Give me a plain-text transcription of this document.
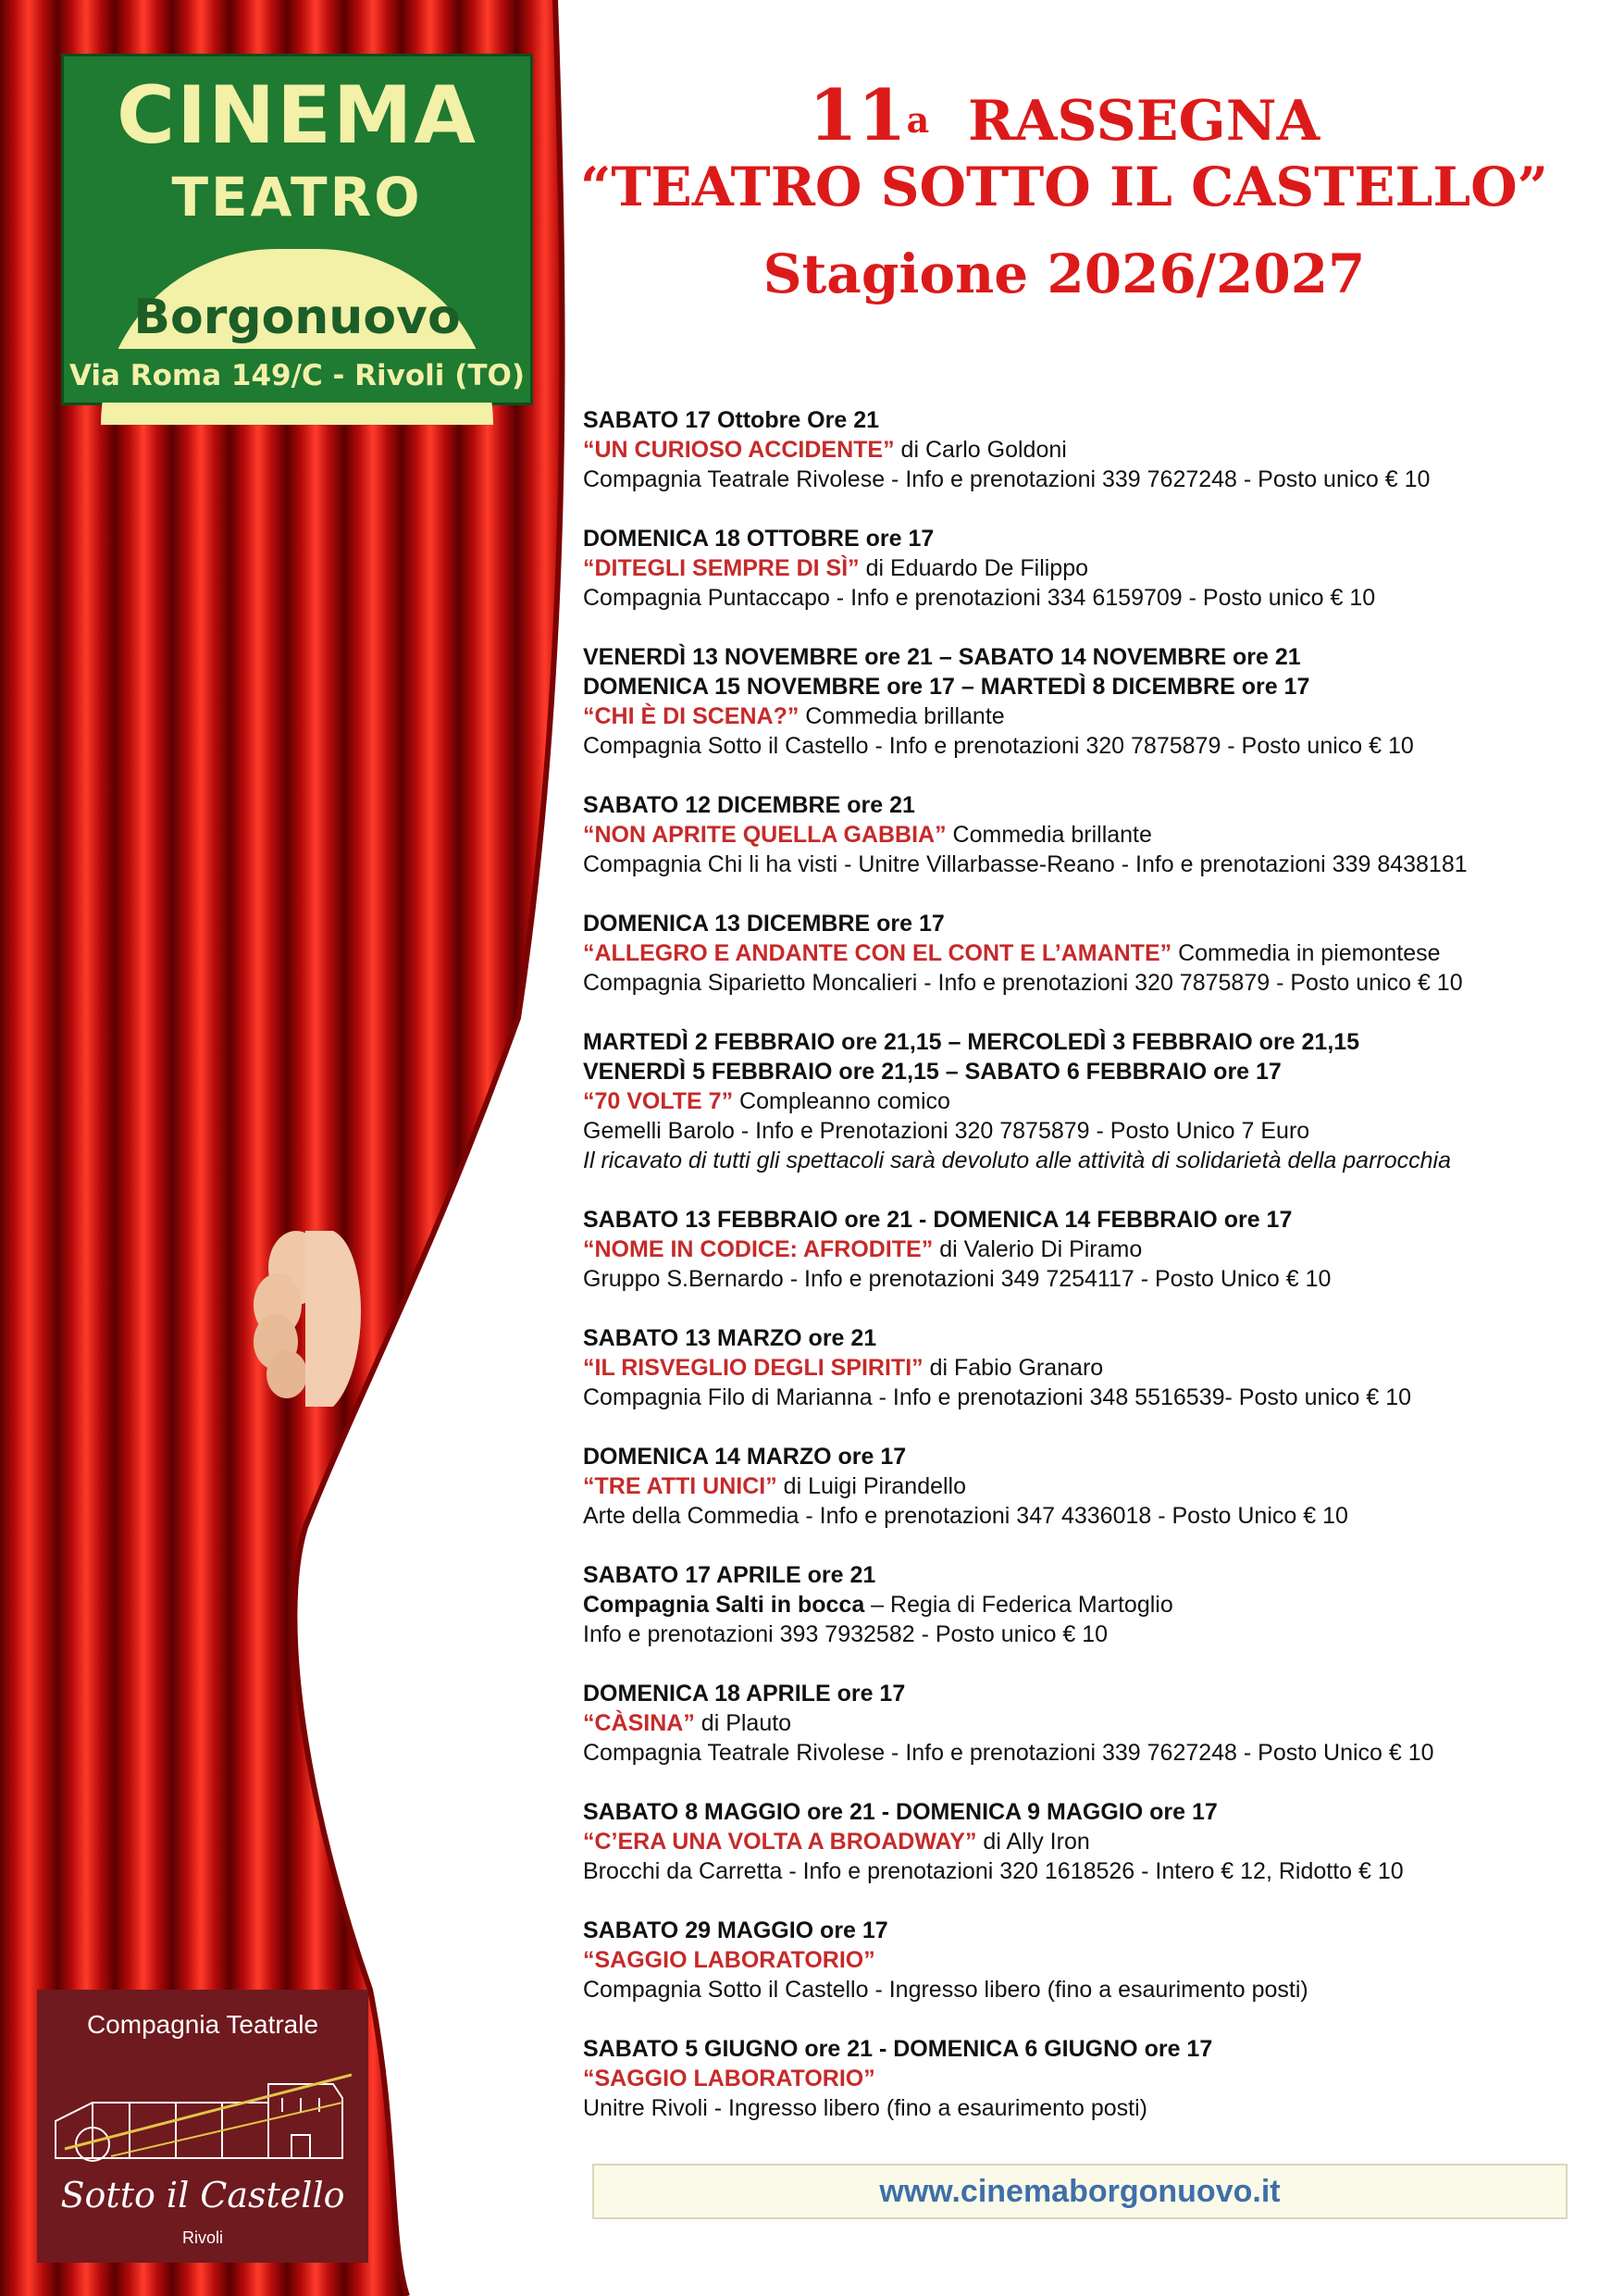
CINEMA
TEATRO
Borgonuovo
Via Roma 149/C - Rivoli (TO)
11$^a$ RASSEGNA
“TEATRO SOTTO IL CASTELLO”
Stagione 2026/2027
SABATO 17 Ottobre Ore 21
“UN CURIOSO ACCIDENTE” di Carlo Goldoni
Compagnia Teatrale Rivolese - Info e prenotazioni 339 7627248 - Posto unico € 10
DOMENICA 18 OTTOBRE ore 17
“DITEGLI SEMPRE DI SÌ” di Eduardo De Filippo
Compagnia Puntaccapo - Info e prenotazioni 334 6159709 - Posto unico € 10
VENERDÌ 13 NOVEMBRE ore 21 – SABATO 14 NOVEMBRE ore 21
DOMENICA 15 NOVEMBRE ore 17 – MARTEDÌ 8 DICEMBRE ore 17
“CHI È DI SCENA?” Commedia brillante
Compagnia Sotto il Castello - Info e prenotazioni 320 7875879 - Posto unico € 10
SABATO 12 DICEMBRE ore 21
“NON APRITE QUELLA GABBIA” Commedia brillante
Compagnia Chi li ha visti - Unitre Villarbasse-Reano - Info e prenotazioni 339 8438181
DOMENICA 13 DICEMBRE ore 17
“ALLEGRO E ANDANTE CON EL CONT E L’AMANTE” Commedia in piemontese
Compagnia Siparietto Moncalieri - Info e prenotazioni 320 7875879 - Posto unico € 10
MARTEDÌ 2 FEBBRAIO ore 21,15 – MERCOLEDÌ 3 FEBBRAIO ore 21,15
VENERDÌ 5 FEBBRAIO ore 21,15 – SABATO 6 FEBBRAIO ore 17
“70 VOLTE 7” Compleanno comico
Gemelli Barolo - Info e Prenotazioni 320 7875879 - Posto Unico 7 Euro
Il ricavato di tutti gli spettacoli sarà devoluto alle attività di solidarietà della parrocchia
SABATO 13 FEBBRAIO ore 21 - DOMENICA 14 FEBBRAIO ore 17
“NOME IN CODICE: AFRODITE” di Valerio Di Piramo
Gruppo S.Bernardo - Info e prenotazioni 349 7254117 - Posto Unico € 10
SABATO 13 MARZO ore 21
“IL RISVEGLIO DEGLI SPIRITI” di Fabio Granaro
Compagnia Filo di Marianna - Info e prenotazioni 348 5516539- Posto unico € 10
DOMENICA 14 MARZO ore 17
“TRE ATTI UNICI” di Luigi Pirandello
Arte della Commedia - Info e prenotazioni 347 4336018 - Posto Unico € 10
SABATO 17 APRILE ore 21
Compagnia Salti in bocca – Regia di Federica Martoglio
Info e prenotazioni 393 7932582 - Posto unico € 10
DOMENICA 18 APRILE ore 17
“CÀSINA” di Plauto
Compagnia Teatrale Rivolese - Info e prenotazioni 339 7627248 - Posto Unico € 10
SABATO 8 MAGGIO ore 21 - DOMENICA 9 MAGGIO ore 17
“C’ERA UNA VOLTA A BROADWAY” di Ally Iron
Brocchi da Carretta - Info e prenotazioni 320 1618526 - Intero € 12, Ridotto € 10
SABATO 29 MAGGIO ore 17
“SAGGIO LABORATORIO”
Compagnia Sotto il Castello - Ingresso libero (fino a esaurimento posti)
SABATO 5 GIUGNO ore 21 - DOMENICA 6 GIUGNO ore 17
“SAGGIO LABORATORIO”
Unitre Rivoli - Ingresso libero (fino a esaurimento posti)
Compagnia Teatrale
Sotto il Castello
Rivoli
www.cinemaborgonuovo.it
